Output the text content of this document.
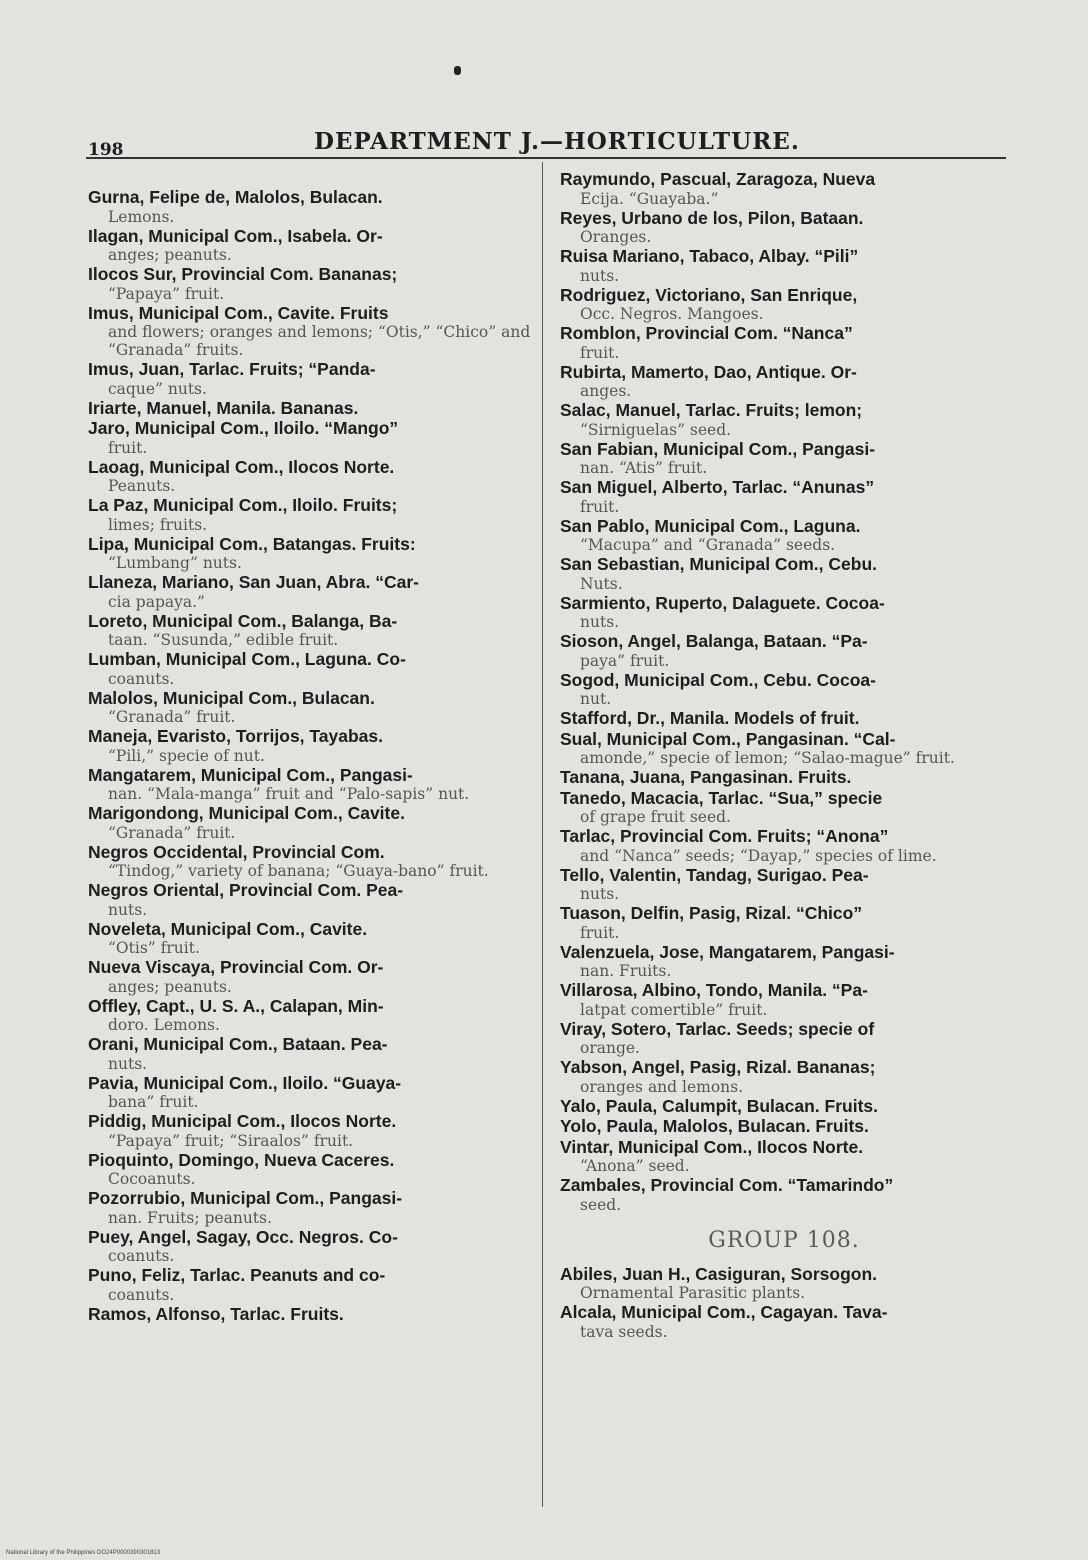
198	DEPARTMENT J.—HORTICULTURE.
Gurna, Felipe de, Malolos, Bulacan.
Lemons.
Ilagan, Municipal Com., Isabela. Or-
anges; peanuts.
Ilocos Sur, Provincial Com. Bananas;
“Papaya” fruit.
Imus, Municipal Com., Cavite. Fruits
and flowers; oranges and lemons; “Otis,” “Chico” and “Granada” fruits.
Imus, Juan, Tarlac. Fruits; “Panda-
caque” nuts.
Iriarte, Manuel, Manila. Bananas.
Jaro, Municipal Com., Iloilo. “Mango”
fruit.
Laoag, Municipal Com., Ilocos Norte.
Peanuts.
La Paz, Municipal Com., Iloilo. Fruits;
limes; fruits.
Lipa, Municipal Com., Batangas. Fruits:
“Lumbang” nuts.
Llaneza, Mariano, San Juan, Abra. “Car-
cia papaya.”
Loreto, Municipal Com., Balanga, Ba-
taan. “Susunda,” edible fruit.
Lumban, Municipal Com., Laguna. Co-
coanuts.
Malolos, Municipal Com., Bulacan.
“Granada” fruit.
Maneja, Evaristo, Torrijos, Tayabas.
“Pili,” specie of nut.
Mangatarem, Municipal Com., Pangasi-
nan. “Mala-manga” fruit and “Palo-sapis” nut.
Marigondong, Municipal Com., Cavite.
“Granada” fruit.
Negros Occidental, Provincial Com.
“Tindog,” variety of banana; “Guaya-bano” fruit.
Negros Oriental, Provincial Com. Pea-
nuts.
Noveleta, Municipal Com., Cavite.
“Otis” fruit.
Nueva Viscaya, Provincial Com. Or-
anges; peanuts.
Offley, Capt., U. S. A., Calapan, Min-
doro. Lemons.
Orani, Municipal Com., Bataan. Pea-
nuts.
Pavia, Municipal Com., Iloilo. “Guaya-
bana” fruit.
Piddig, Municipal Com., Ilocos Norte.
“Papaya” fruit; “Siraalos” fruit.
Pioquinto, Domingo, Nueva Caceres.
Cocoanuts.
Pozorrubio, Municipal Com., Pangasi-
nan. Fruits; peanuts.
Puey, Angel, Sagay, Occ. Negros. Co-
coanuts.
Puno, Feliz, Tarlac. Peanuts and co-
coanuts.
Ramos, Alfonso, Tarlac. Fruits.
Raymundo, Pascual, Zaragoza, Nueva
Ecija. “Guayaba.”
Reyes, Urbano de los, Pilon, Bataan.
Oranges.
Ruisa Mariano, Tabaco, Albay. “Pili”
nuts.
Rodriguez, Victoriano, San Enrique,
Occ. Negros. Mangoes.
Romblon, Provincial Com. “Nanca”
fruit.
Rubirta, Mamerto, Dao, Antique. Or-
anges.
Salac, Manuel, Tarlac. Fruits; lemon;
“Sirniguelas” seed.
San Fabian, Municipal Com., Pangasi-
nan. “Atis” fruit.
San Miguel, Alberto, Tarlac. “Anunas”
fruit.
San Pablo, Municipal Com., Laguna.
“Macupa” and “Granada” seeds.
San Sebastian, Municipal Com., Cebu.
Nuts.
Sarmiento, Ruperto, Dalaguete. Cocoa-
nuts.
Sioson, Angel, Balanga, Bataan. “Pa-
paya” fruit.
Sogod, Municipal Com., Cebu. Cocoa-
nut.
Stafford, Dr., Manila. Models of fruit.
Sual, Municipal Com., Pangasinan. “Cal-
amonde,” specie of lemon; “Salao-mague” fruit.
Tanana, Juana, Pangasinan. Fruits.
Tanedo, Macacia, Tarlac. “Sua,” specie
of grape fruit seed.
Tarlac, Provincial Com. Fruits; “Anona”
and “Nanca” seeds; “Dayap,” species of lime.
Tello, Valentin, Tandag, Surigao. Pea-
nuts.
Tuason, Delfin, Pasig, Rizal. “Chico”
fruit.
Valenzuela, Jose, Mangatarem, Pangasi-
nan. Fruits.
Villarosa, Albino, Tondo, Manila. “Pa-
latpat comertible” fruit.
Viray, Sotero, Tarlac. Seeds; specie of
orange.
Yabson, Angel, Pasig, Rizal. Bananas;
oranges and lemons.
Yalo, Paula, Calumpit, Bulacan. Fruits.
Yolo, Paula, Malolos, Bulacan. Fruits.
Vintar, Municipal Com., Ilocos Norte.
“Anona” seed.
Zambales, Provincial Com. “Tamarindo”
seed.
GROUP 108.
Abiles, Juan H., Casiguran, Sorsogon.
Ornamental Parasitic plants.
Alcala, Municipal Com., Cagayan. Tava-
tava seeds.
National Library of the Philippines DO24P0000390301813
